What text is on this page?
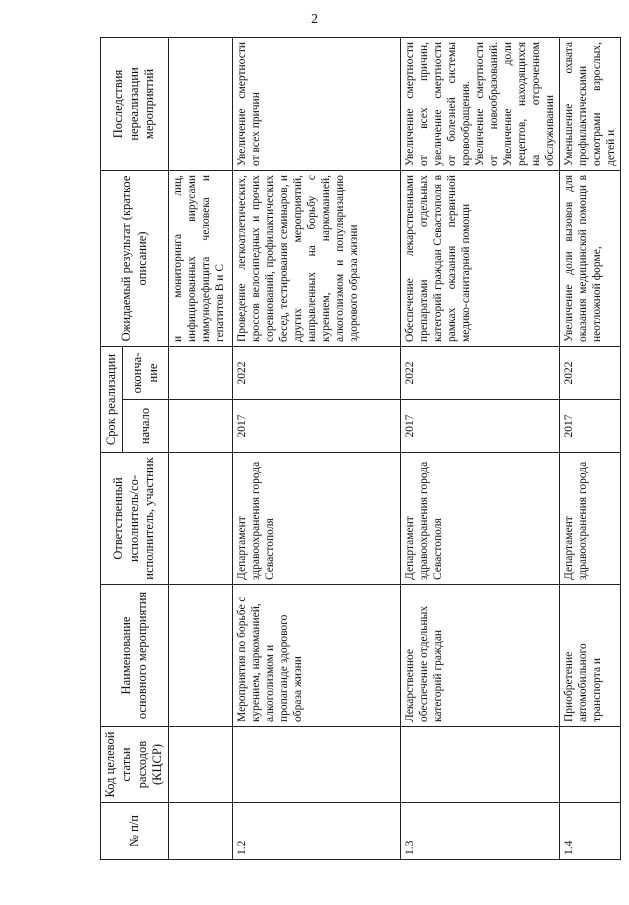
2
№ п/п	Код целевой статьи расходов (КЦСР)	Наименование основного мероприятия	Ответственный исполнитель/со-исполнитель, участник	Срок реализации		Ожидаемый результат (краткое описание)	Последствия нереализации мероприятий
				начало	оконча-ние		
						и мониторинга лиц, инфицированных вирусами иммунодефицита человека и гепатитов В и С	
1.2		Мероприятия по борьбе с курением, наркоманией, алкоголизмом и пропаганде здорового образа жизни	Департамент здравоохранения города Севастополя	2017	2022	Проведение легкоатлетических, кроссов велосипедных и прочих соревнований, профилактических бесед, тестирования семинаров, и других мероприятий, направленных на борьбу с курением, наркоманией, алкоголизмом и популяризацию здорового образа жизни	Увеличение смертности от всех причин
1.3		Лекарственное обеспечение отдельных категорий граждан	Департамент здравоохранения города Севастополя	2017	2022	Обеспечение лекарственными препаратами отдельных категорий граждан Севастополя в рамках оказания первичной медико-санитарной помощи	Увеличение смертности от всех причин, увеличение смертности от болезней системы кровообращения. Увеличение смертности от новообразований. Увеличение доли рецептов, находящихся на отсроченном обслуживании
1.4		Приобретение автомобильного транспорта и	Департамент здравоохранения города	2017	2022	Увеличение доли вызовов для оказания медицинской помощи в неотложной форме,	Уменьшение охвата профилактическими осмотрами взрослых, детей и
